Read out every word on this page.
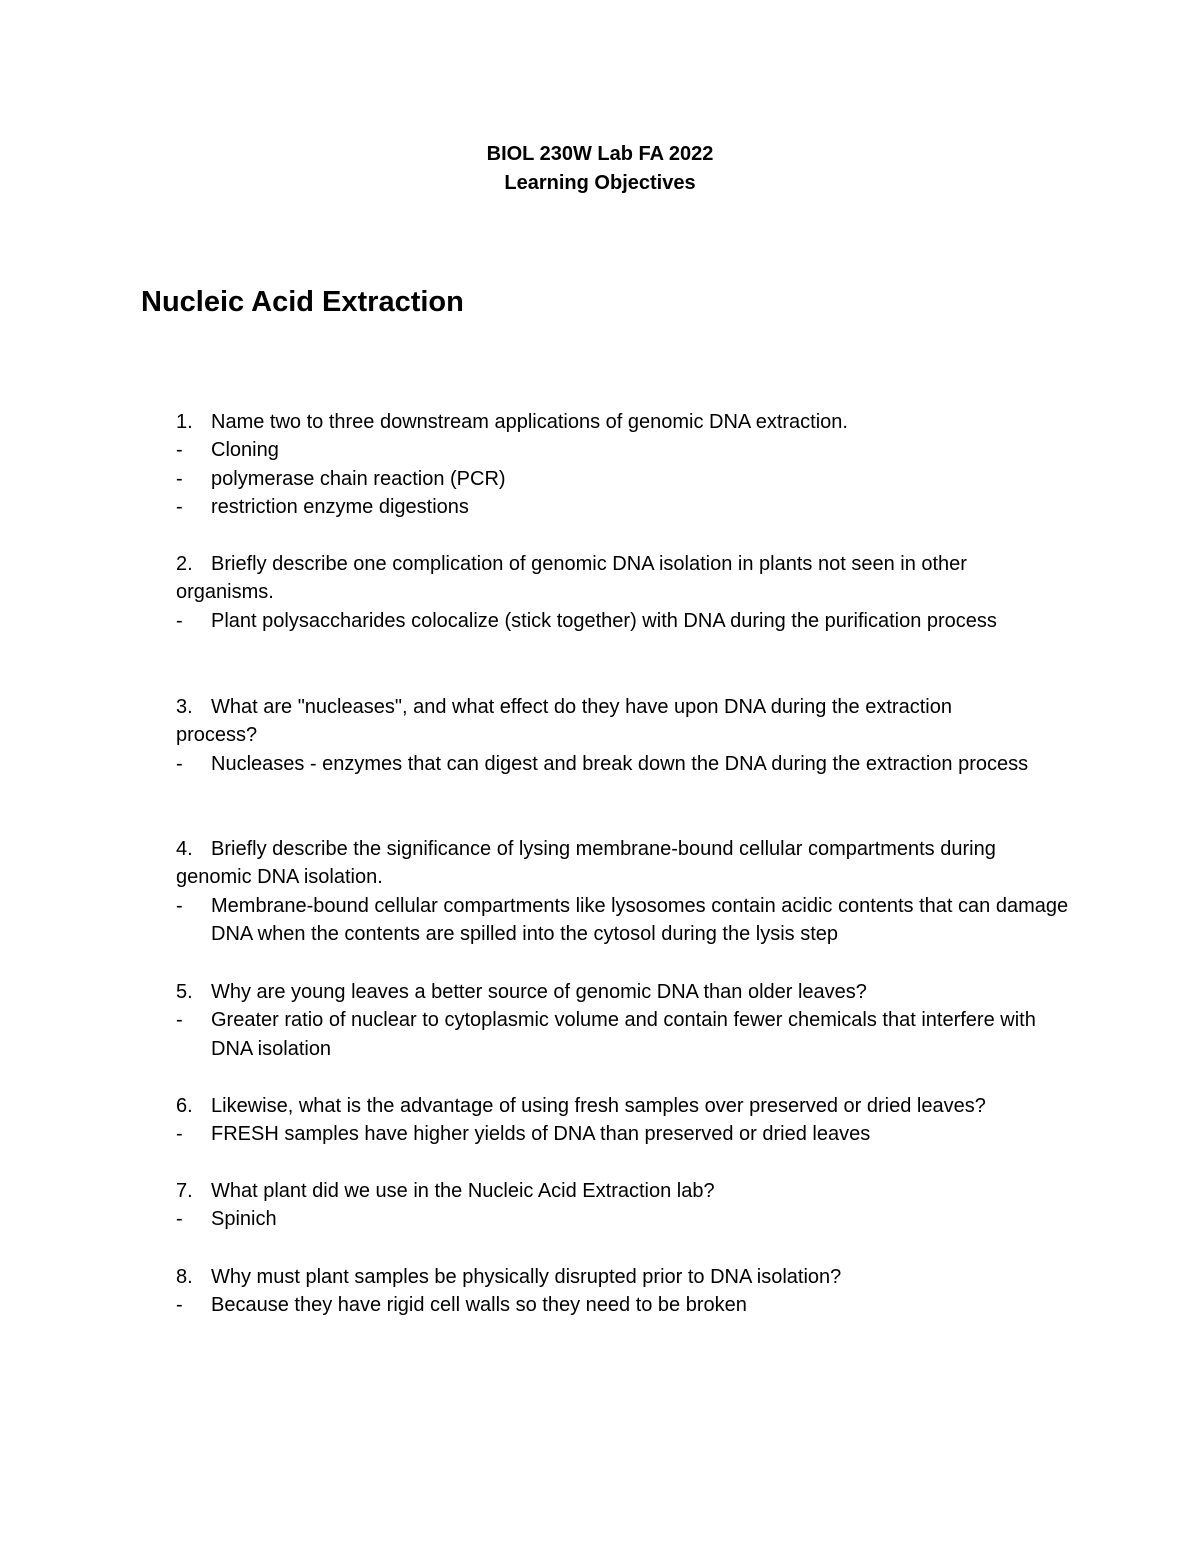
BIOL 230W Lab FA 2022
Learning Objectives
Nucleic Acid Extraction
1. Name two to three downstream applications of genomic DNA extraction.
- Cloning
- polymerase chain reaction (PCR)
- restriction enzyme digestions
2. Briefly describe one complication of genomic DNA isolation in plants not seen in other
organisms.
- Plant polysaccharides colocalize (stick together) with DNA during the purification process
3. What are "nucleases", and what effect do they have upon DNA during the extraction
process?
- Nucleases - enzymes that can digest and break down the DNA during the extraction process
4. Briefly describe the significance of lysing membrane-bound cellular compartments during
genomic DNA isolation.
- Membrane-bound cellular compartments like lysosomes contain acidic contents that can damage DNA when the contents are spilled into the cytosol during the lysis step
5. Why are young leaves a better source of genomic DNA than older leaves?
- Greater ratio of nuclear to cytoplasmic volume and contain fewer chemicals that interfere with DNA isolation
6. Likewise, what is the advantage of using fresh samples over preserved or dried leaves?
- FRESH samples have higher yields of DNA than preserved or dried leaves
7. What plant did we use in the Nucleic Acid Extraction lab?
- Spinich
8. Why must plant samples be physically disrupted prior to DNA isolation?
- Because they have rigid cell walls so they need to be broken
